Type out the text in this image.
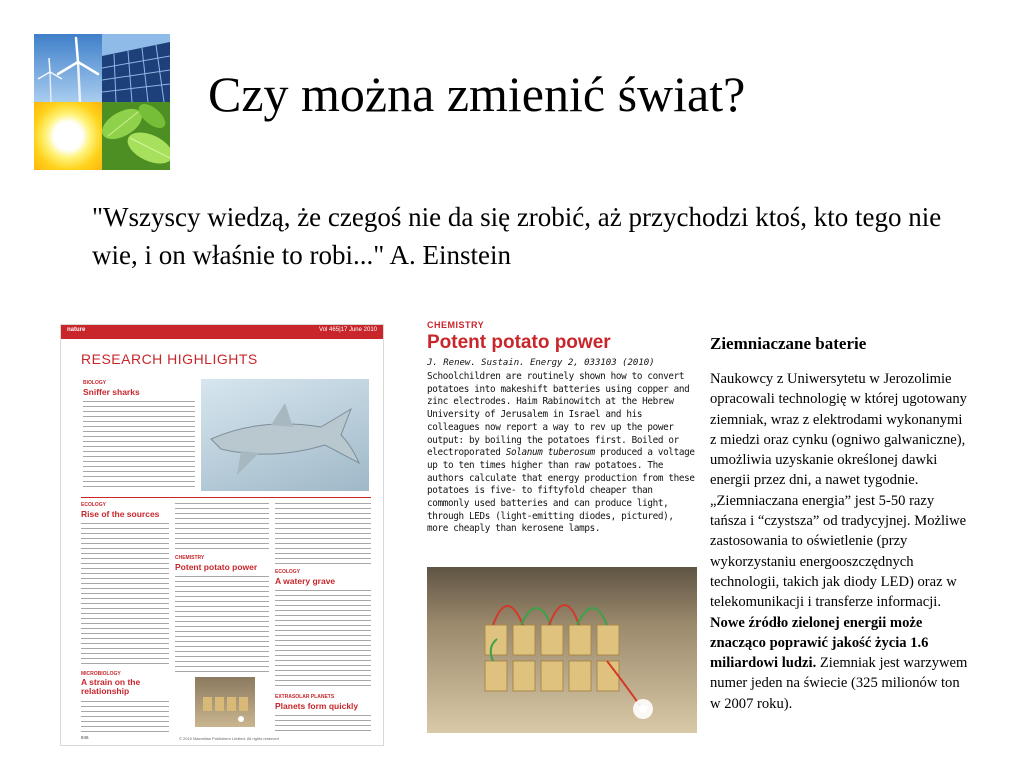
Czy można zmienić świat?
"Wszyscy wiedzą, że czegoś nie da się zrobić, aż przychodzi ktoś, kto tego nie wie, i on właśnie to robi..." A. Einstein
nature	Vol 465|17 June 2010
RESEARCH HIGHLIGHTS
BIOLOGY
Sniffer sharks
ECOLOGY
Rise of the sources
MICROBIOLOGY
A strain on the relationship
846
CHEMISTRY
Potent potato power	ECOLOGY
A watery grave
EXTRASOLAR PLANETS
Planets form quickly
© 2010 Macmillan Publishers Limited. All rights reserved
CHEMISTRY
Potent potato power
J. Renew. Sustain. Energy 2, 033103 (2010)
Schoolchildren are routinely shown how to convert potatoes into makeshift batteries using copper and zinc electrodes. Haim Rabinowitch at the Hebrew University of Jerusalem in Israel and his colleagues now report a way to rev up the power output: by boiling the potatoes first. Boiled or electroporated Solanum tuberosum produced a voltage up to ten times higher than raw potatoes. The authors calculate that energy production from these potatoes is five- to fiftyfold cheaper than commonly used batteries and can produce light, through LEDs (light-emitting diodes, pictured), more cheaply than kerosene lamps.
Ziemniaczane baterie
Naukowcy z Uniwersytetu w Jerozolimie opracowali technologię w której ugotowany ziemniak, wraz z elektrodami wykonanymi z miedzi oraz cynku (ogniwo galwaniczne), umożliwia uzyskanie określonej dawki energii przez dni, a nawet tygodnie. „Ziemniaczana energia” jest 5-50 razy tańsza i “czystsza” od tradycyjnej. Możliwe zastosowania to oświetlenie (przy wykorzystaniu energooszczędnych technologii, takich jak diody LED) oraz w telekomunikacji i transferze informacji. Nowe źródło zielonej energii może znacząco poprawić jakość życia 1.6 miliardowi ludzi. Ziemniak jest warzywem numer jeden na świecie (325 milionów ton w 2007 roku).
